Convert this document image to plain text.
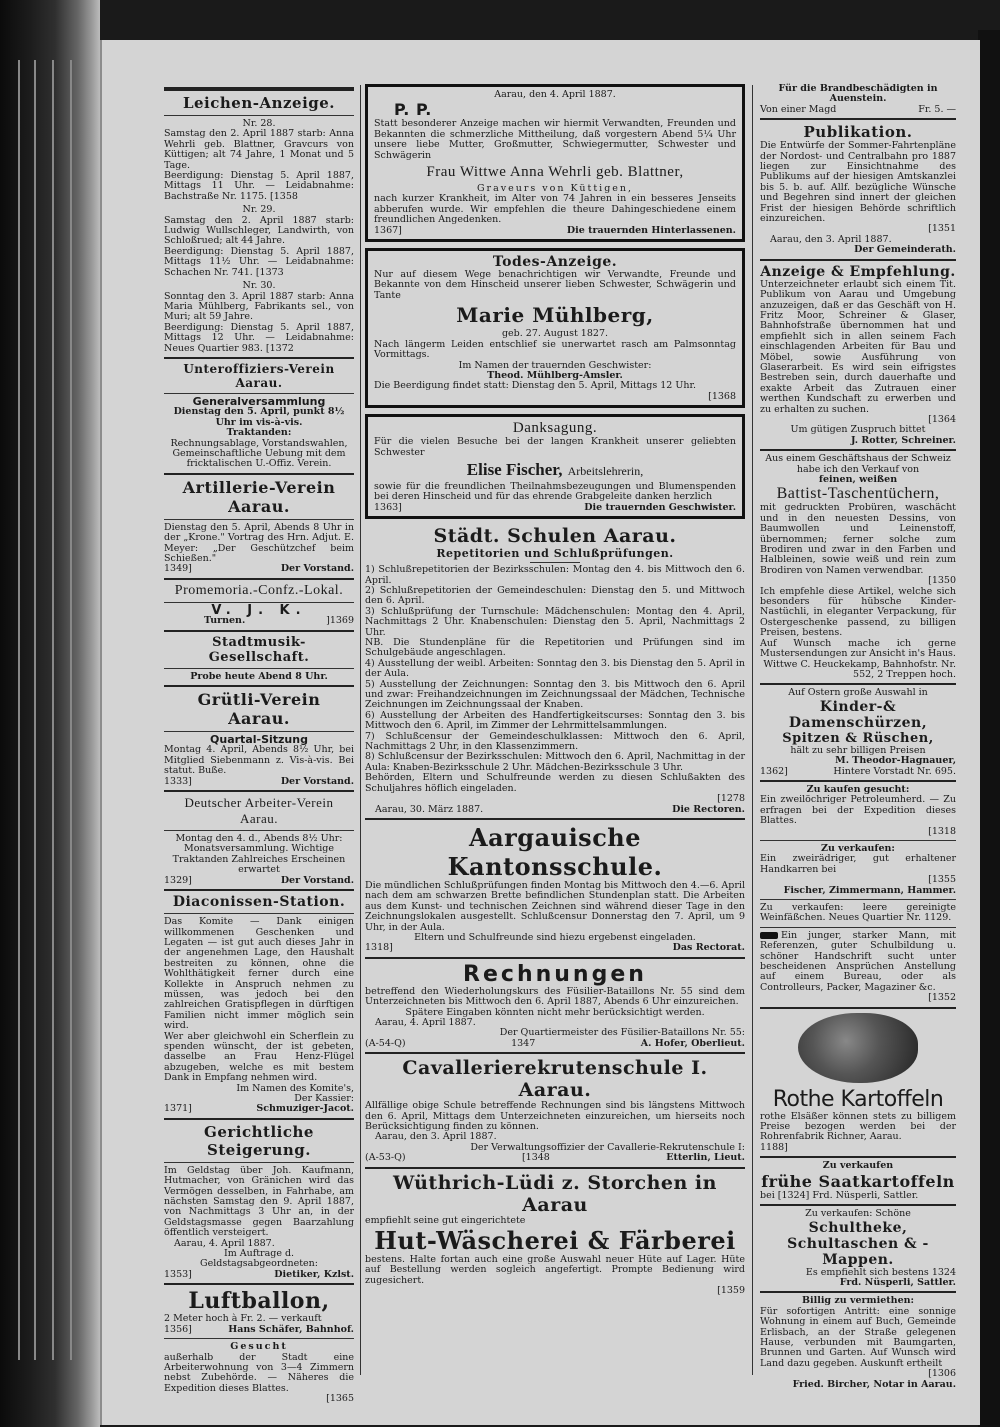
Leichen-Anzeige.

Nr. 28.

Samstag den 2. April 1887 starb: Anna Wehrli geb. Blattner, Gravcurs von Küttigen; alt 74 Jahre, 1 Monat und 5 Tage.

Beerdigung: Dienstag 5. April 1887, Mittags 11 Uhr. — Leidabnahme: Bachstraße Nr. 1175. [1358

Nr. 29.

Samstag den 2. April 1887 starb: Ludwig Wullschleger, Landwirth, von Schloßrued; alt 44 Jahre.

Beerdigung: Dienstag 5. April 1887, Mittags 11½ Uhr. — Leidabnahme: Schachen Nr. 741. [1373

Nr. 30.

Sonntag den 3. April 1887 starb: Anna Maria Mühlberg, Fabrikants sel., von Muri; alt 59 Jahre.

Beerdigung: Dienstag 5. April 1887, Mittags 12 Uhr. — Leidabnahme: Neues Quartier 983. [1372

Unteroffiziers-Verein Aarau.

Generalversammlung

Dienstag den 5. April, punkt 8½ Uhr im vis-à-vis.

Traktanden:

Rechnungsablage, Vorstandswahlen, Gemeinschaftliche Uebung mit dem fricktalischen U.-Offiz. Verein.

Artillerie-Verein Aarau.

Dienstag den 5. April, Abends 8 Uhr in der „Krone." Vortrag des Hrn. Adjut. E. Meyer: „Der Geschützchef beim Schießen."

1349]	Der Vorstand.

Promemoria.-Confz.-Lokal.

V. J. K.

Turnen.	]1369

Stadtmusik-Gesellschaft.

Probe heute Abend 8 Uhr.

Grütli-Verein Aarau.

Quartal-Sitzung

Montag 4. April, Abends 8½ Uhr, bei Mitglied Siebenmann z. Vis-à-vis. Bei statut. Buße.

1333]	Der Vorstand.

Deutscher Arbeiter-Verein Aarau.

Montag den 4. d., Abends 8½ Uhr: Monatsversammlung. Wichtige Traktanden Zahlreiches Erscheinen erwartet

1329]	Der Vorstand.

Diaconissen-Station.

Das Komite — Dank einigen willkommenen Geschenken und Legaten — ist gut auch dieses Jahr in der angenehmen Lage, den Haushalt bestreiten zu können, ohne die Wohlthätigkeit ferner durch eine Kollekte in Anspruch nehmen zu müssen, was jedoch bei den zahlreichen Gratispflegen in dürftigen Familien nicht immer möglich sein wird.

Wer aber gleichwohl ein Scherflein zu spenden wünscht, der ist gebeten, dasselbe an Frau Henz-Flügel abzugeben, welche es mit bestem Dank in Empfang nehmen wird.

Im Namen des Komite's,

Der Kassier:

1371]	Schmuziger-Jacot.

Gerichtliche Steigerung.

Im Geldstag über Joh. Kaufmann, Hutmacher, von Gränichen wird das Vermögen desselben, in Fahrhabe, am nächsten Samstag den 9. April 1887, von Nachmittags 3 Uhr an, in der Geldstagsmasse gegen Baarzahlung öffentlich versteigert.

Aarau, 4. April 1887.

Im Auftrage d. Geldstagsabgeordneten:

1353]	Dietiker, Kzlst.

Luftballon,

2 Meter hoch à Fr. 2. — verkauft

1356]	Hans Schäfer, Bahnhof.

Gesucht

außerhalb der Stadt eine Arbeiterwohnung von 3—4 Zimmern nebst Zubehörde. — Näheres die Expedition dieses Blattes.

[1365

Aarau, den 4. April 1887.

P. P.

Statt besonderer Anzeige machen wir hiermit Verwandten, Freunden und Bekannten die schmerzliche Mittheilung, daß vorgestern Abend 5¼ Uhr unsere liebe Mutter, Großmutter, Schwiegermutter, Schwester und Schwägerin

Frau Wittwe Anna Wehrli geb. Blattner,

Graveurs von Küttigen,

nach kurzer Krankheit, im Alter von 74 Jahren in ein besseres Jenseits abberufen wurde. Wir empfehlen die theure Dahingeschiedene einem freundlichen Angedenken.

1367]	Die trauernden Hinterlassenen.

Todes-Anzeige.

Nur auf diesem Wege benachrichtigen wir Verwandte, Freunde und Bekannte von dem Hinscheid unserer lieben Schwester, Schwägerin und Tante

Marie Mühlberg,

geb. 27. August 1827.

Nach längerm Leiden entschlief sie unerwartet rasch am Palmsonntag Vormittags.

Im Namen der trauernden Geschwister:

Theod. Mühlberg-Amsler.

Die Beerdigung findet statt: Dienstag den 5. April, Mittags 12 Uhr.

[1368

Danksagung.

Für die vielen Besuche bei der langen Krankheit unserer geliebten Schwester

Elise Fischer, Arbeitslehrerin,

sowie für die freundlichen Theilnahmsbezeugungen und Blumenspenden bei deren Hinscheid und für das ehrende Grabgeleite danken herzlich

1363]	Die trauernden Geschwister.

Städt. Schulen Aarau.

Repetitorien und Schlußprüfungen.

1) Schlußrepetitorien der Bezirksschulen: Montag den 4. bis Mittwoch den 6. April.

2) Schlußrepetitorien der Gemeindeschulen: Dienstag den 5. und Mittwoch den 6. April.

3) Schlußprüfung der Turnschule: Mädchenschulen: Montag den 4. April, Nachmittags 2 Uhr. Knabenschulen: Dienstag den 5. April, Nachmittags 2 Uhr.

NB. Die Stundenpläne für die Repetitorien und Prüfungen sind im Schulgebäude angeschlagen.

4) Ausstellung der weibl. Arbeiten: Sonntag den 3. bis Dienstag den 5. April in der Aula.

5) Ausstellung der Zeichnungen: Sonntag den 3. bis Mittwoch den 6. April und zwar: Freihandzeichnungen im Zeichnungssaal der Mädchen, Technische Zeichnungen im Zeichnungssaal der Knaben.

6) Ausstellung der Arbeiten des Handfertigkeitscurses: Sonntag den 3. bis Mittwoch den 6. April, im Zimmer der Lehrmittelsammlungen.

7) Schlußcensur der Gemeindeschulklassen: Mittwoch den 6. April, Nachmittags 2 Uhr, in den Klassenzimmern.

8) Schlußcensur der Bezirksschulen: Mittwoch den 6. April, Nachmittag in der Aula: Knaben-Bezirksschule 2 Uhr. Mädchen-Bezirksschule 3 Uhr.

Behörden, Eltern und Schulfreunde werden zu diesen Schlußakten des Schuljahres höflich eingeladen.

[1278

Aarau, 30. März 1887.	Die Rectoren.

Aargauische Kantonsschule.

Die mündlichen Schlußprüfungen finden Montag bis Mittwoch den 4.—6. April nach dem am schwarzen Brette befindlichen Stundenplan statt. Die Arbeiten aus dem Kunst- und technischen Zeichnen sind während dieser Tage in den Zeichnungslokalen ausgestellt. Schlußcensur Donnerstag den 7. April, um 9 Uhr, in der Aula.

Eltern und Schulfreunde sind hiezu ergebenst eingeladen.

1318]	Das Rectorat.

Rechnungen

betreffend den Wiederholungskurs des Füsilier-Bataillons Nr. 55 sind dem Unterzeichneten bis Mittwoch den 6. April 1887, Abends 6 Uhr einzureichen.

Spätere Eingaben könnten nicht mehr berücksichtigt werden.

Aarau, 4. April 1887.

Der Quartiermeister des Füsilier-Bataillons Nr. 55:

(A-54-Q)	1347	A. Hofer, Oberlieut.

Cavallerierekrutenschule I. Aarau.

Allfällige obige Schule betreffende Rechnungen sind bis längstens Mittwoch den 6. April, Mittags dem Unterzeichneten einzureichen, um hierseits noch Berücksichtigung finden zu können.

Aarau, den 3. April 1887.

Der Verwaltungsoffizier der Cavallerie-Rekrutenschule I:

(A-53-Q)	[1348	Etterlin, Lieut.

Wüthrich-Lüdi z. Storchen in Aarau

empfiehlt seine gut eingerichtete

Hut-Wäscherei & Färberei

bestens. Halte fortan auch eine große Auswahl neuer Hüte auf Lager. Hüte auf Bestellung werden sogleich angefertigt. Prompte Bedienung wird zugesichert.

[1359

Für die Brandbeschädigten in Auenstein.

Von einer Magd	Fr. 5. —

Publikation.

Die Entwürfe der Sommer-Fahrtenpläne der Nordost- und Centralbahn pro 1887 liegen zur Einsichtnahme des Publikums auf der hiesigen Amtskanzlei bis 5. b. auf. Allf. bezügliche Wünsche und Begehren sind innert der gleichen Frist der hiesigen Behörde schriftlich einzureichen.

[1351

Aarau, den 3. April 1887.

Der Gemeinderath.

Anzeige & Empfehlung.

Unterzeichneter erlaubt sich einem Tit. Publikum von Aarau und Umgebung anzuzeigen, daß er das Geschäft von H. Fritz Moor, Schreiner & Glaser, Bahnhofstraße übernommen hat und empfiehlt sich in allen seinem Fach einschlagenden Arbeiten für Bau und Möbel, sowie Ausführung von Glaserarbeit. Es wird sein eifrigstes Bestreben sein, durch dauerhafte und exakte Arbeit das Zutrauen einer werthen Kundschaft zu erwerben und zu erhalten zu suchen.

[1364

Um gütigen Zuspruch bittet

J. Rotter, Schreiner.

Aus einem Geschäftshaus der Schweiz habe ich den Verkauf von

feinen, weißen

Battist-Taschentüchern,

mit gedruckten Probüren, waschächt und in den neuesten Dessins, von Baumwollen und Leinenstoff, übernommen; ferner solche zum Brodiren und zwar in den Farben und Halbleinen, sowie weiß und rein zum Brodiren von Namen verwendbar.

[1350

Ich empfehle diese Artikel, welche sich besonders für hübsche Kinder-Nastüchli, in eleganter Verpackung, für Ostergeschenke passend, zu billigen Preisen, bestens.

Auf Wunsch mache ich gerne Mustersendungen zur Ansicht in's Haus.

Wittwe C. Heuckekamp, Bahnhofstr. Nr. 552, 2 Treppen hoch.

Auf Ostern große Auswahl in

Kinder-& Damenschürzen,

Spitzen & Rüschen,

hält zu sehr billigen Preisen

M. Theodor-Hagnauer,

1362]	Hintere Vorstadt Nr. 695.

Zu kaufen gesucht:

Ein zweilöchriger Petroleumherd. — Zu erfragen bei der Expedition dieses Blattes.

[1318

Zu verkaufen:

Ein zweirädriger, gut erhaltener Handkarren bei

[1355

Fischer, Zimmermann, Hammer.

Zu verkaufen: leere gereinigte Weinfäßchen. Neues Quartier Nr. 1129.

Ein junger, starker Mann, mit Referenzen, guter Schulbildung u. schöner Handschrift sucht unter bescheidenen Ansprüchen Anstellung auf einem Bureau, oder als Controlleurs, Packer, Magaziner &c.

[1352

Rothe Kartoffeln

rothe Elsäßer können stets zu billigem Preise bezogen werden bei der Rohrenfabrik Richner, Aarau.

1188]

Zu verkaufen

frühe Saatkartoffeln

bei [1324] Frd. Nüsperli, Sattler.

Zu verkaufen: Schöne

Schultheke, Schultaschen & -Mappen.

Es empfiehlt sich bestens 1324

Frd. Nüsperli, Sattler.

Billig zu vermiethen:

Für sofortigen Antritt: eine sonnige Wohnung in einem auf Buch, Gemeinde Erlisbach, an der Straße gelegenen Hause, verbunden mit Baumgarten, Brunnen und Garten. Auf Wunsch wird Land dazu gegeben. Auskunft ertheilt

[1306

Fried. Bircher, Notar in Aarau.
